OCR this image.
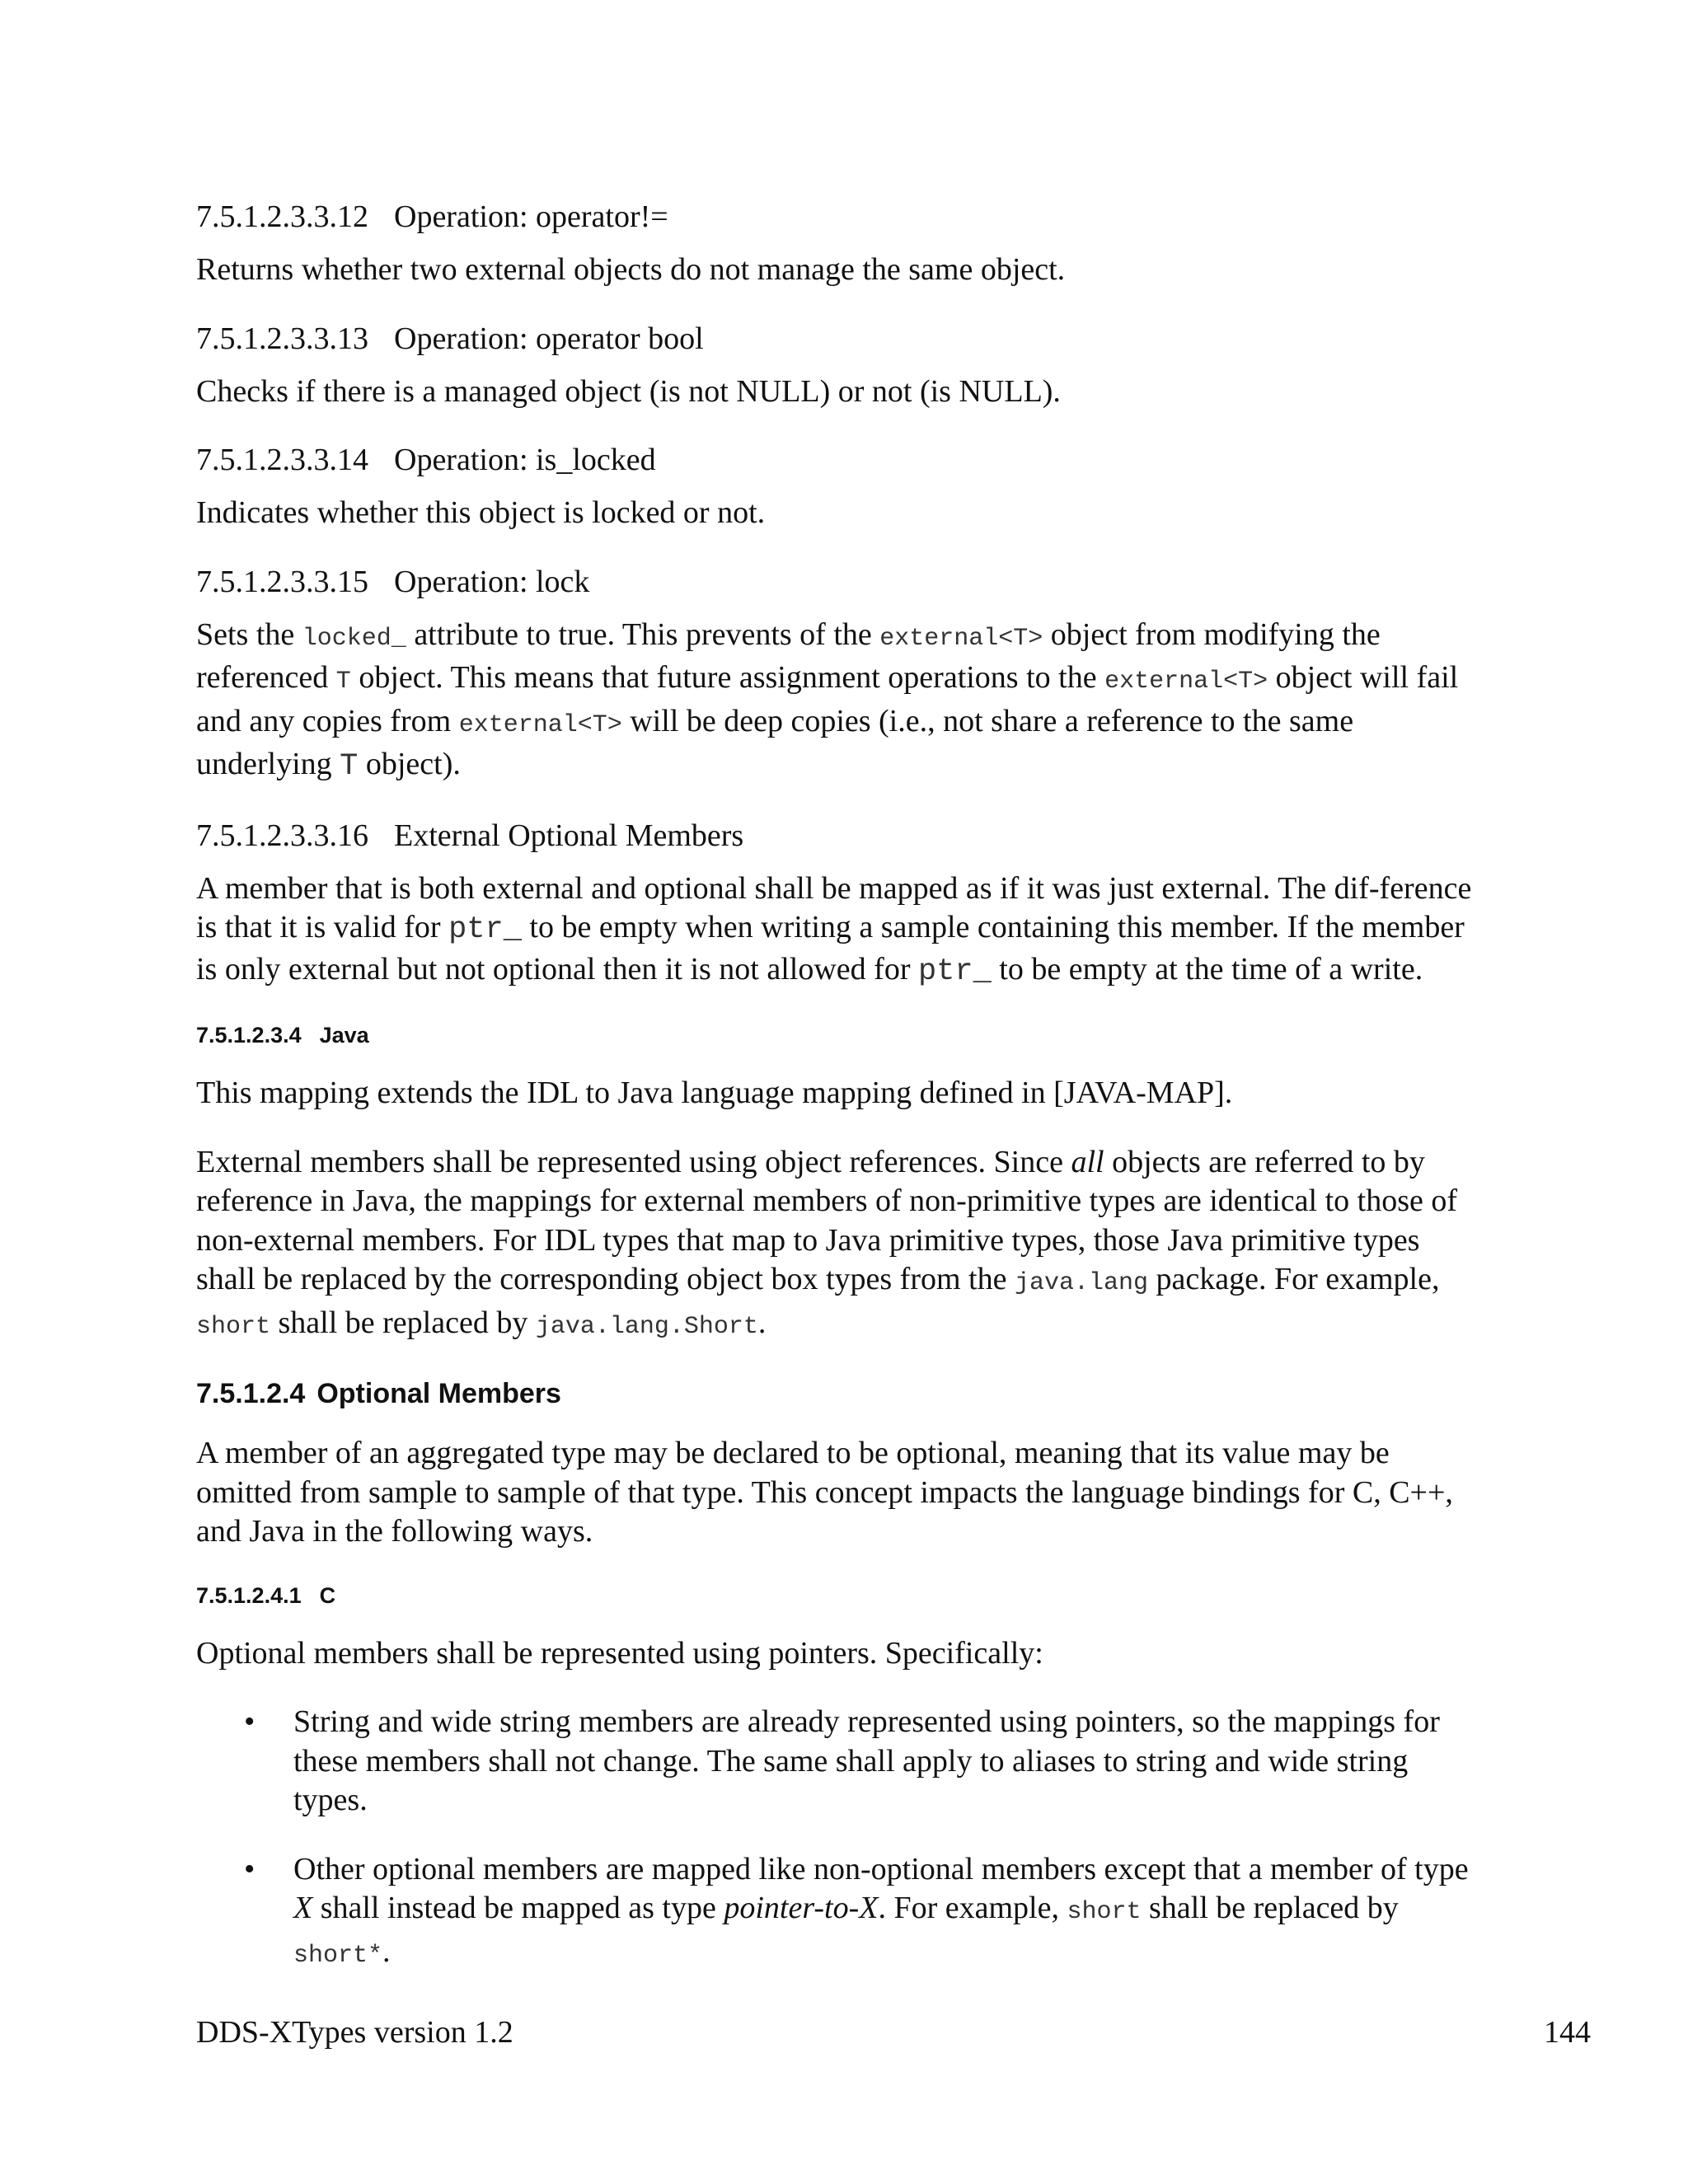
7.5.1.2.3.3.12 Operation: operator!=

Returns whether two external objects do not manage the same object.

7.5.1.2.3.3.13 Operation: operator bool

Checks if there is a managed object (is not NULL) or not (is NULL).

7.5.1.2.3.3.14 Operation: is_locked

Indicates whether this object is locked or not.

7.5.1.2.3.3.15 Operation: lock

Sets the locked_ attribute to true. This prevents of the external<T> object from modifying the referenced T object. This means that future assignment operations to the external<T> object will fail and any copies from external<T> will be deep copies (i.e., not share a reference to the same underlying T object).

7.5.1.2.3.3.16 External Optional Members

A member that is both external and optional shall be mapped as if it was just external. The dif-ference is that it is valid for ptr_ to be empty when writing a sample containing this member. If the member is only external but not optional then it is not allowed for ptr_ to be empty at the time of a write.

7.5.1.2.3.4 Java

This mapping extends the IDL to Java language mapping defined in [JAVA-MAP].

External members shall be represented using object references. Since all objects are referred to by reference in Java, the mappings for external members of non-primitive types are identical to those of non-external members. For IDL types that map to Java primitive types, those Java primitive types shall be replaced by the corresponding object box types from the java.lang package. For example, short shall be replaced by java.lang.Short.

7.5.1.2.4 Optional Members

A member of an aggregated type may be declared to be optional, meaning that its value may be omitted from sample to sample of that type. This concept impacts the language bindings for C, C++, and Java in the following ways.

7.5.1.2.4.1 C

Optional members shall be represented using pointers. Specifically:

• String and wide string members are already represented using pointers, so the mappings for these members shall not change. The same shall apply to aliases to string and wide string types.
• Other optional members are mapped like non-optional members except that a member of type X shall instead be mapped as type pointer-to-X. For example, short shall be replaced by short*.
DDS-XTypes version 1.2	144
